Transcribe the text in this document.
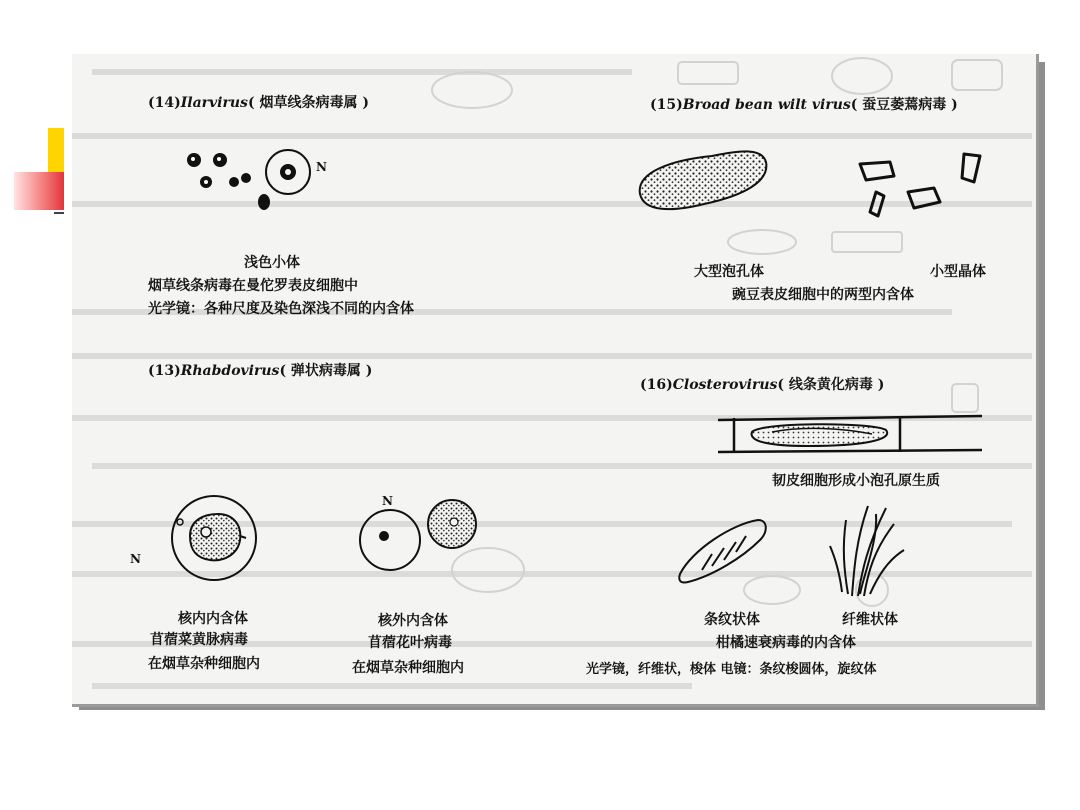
(14)Ilarvirus( 烟草线条病毒属 )
N
浅色小体
烟草线条病毒在曼佗罗表皮细胞中
光学镜：各种尺度及染色深浅不同的内含体
(15)Broad bean wilt virus( 蚕豆萎蔫病毒 )
大型泡孔体	小型晶体
豌豆表皮细胞中的两型内含体
(13)Rhabdovirus( 弹状病毒属 )
N
N
核内内含体
苜蓿菜黄脉病毒
在烟草杂种细胞内
核外内含体
苜蓿花叶病毒
在烟草杂种细胞内
(16)Closterovirus( 线条黄化病毒 )
韧皮细胞形成小泡孔原生质
条纹状体	纤维状体
柑橘速衰病毒的内含体
光学镜，纤维状，梭体 电镜：条纹梭圆体，旋纹体
